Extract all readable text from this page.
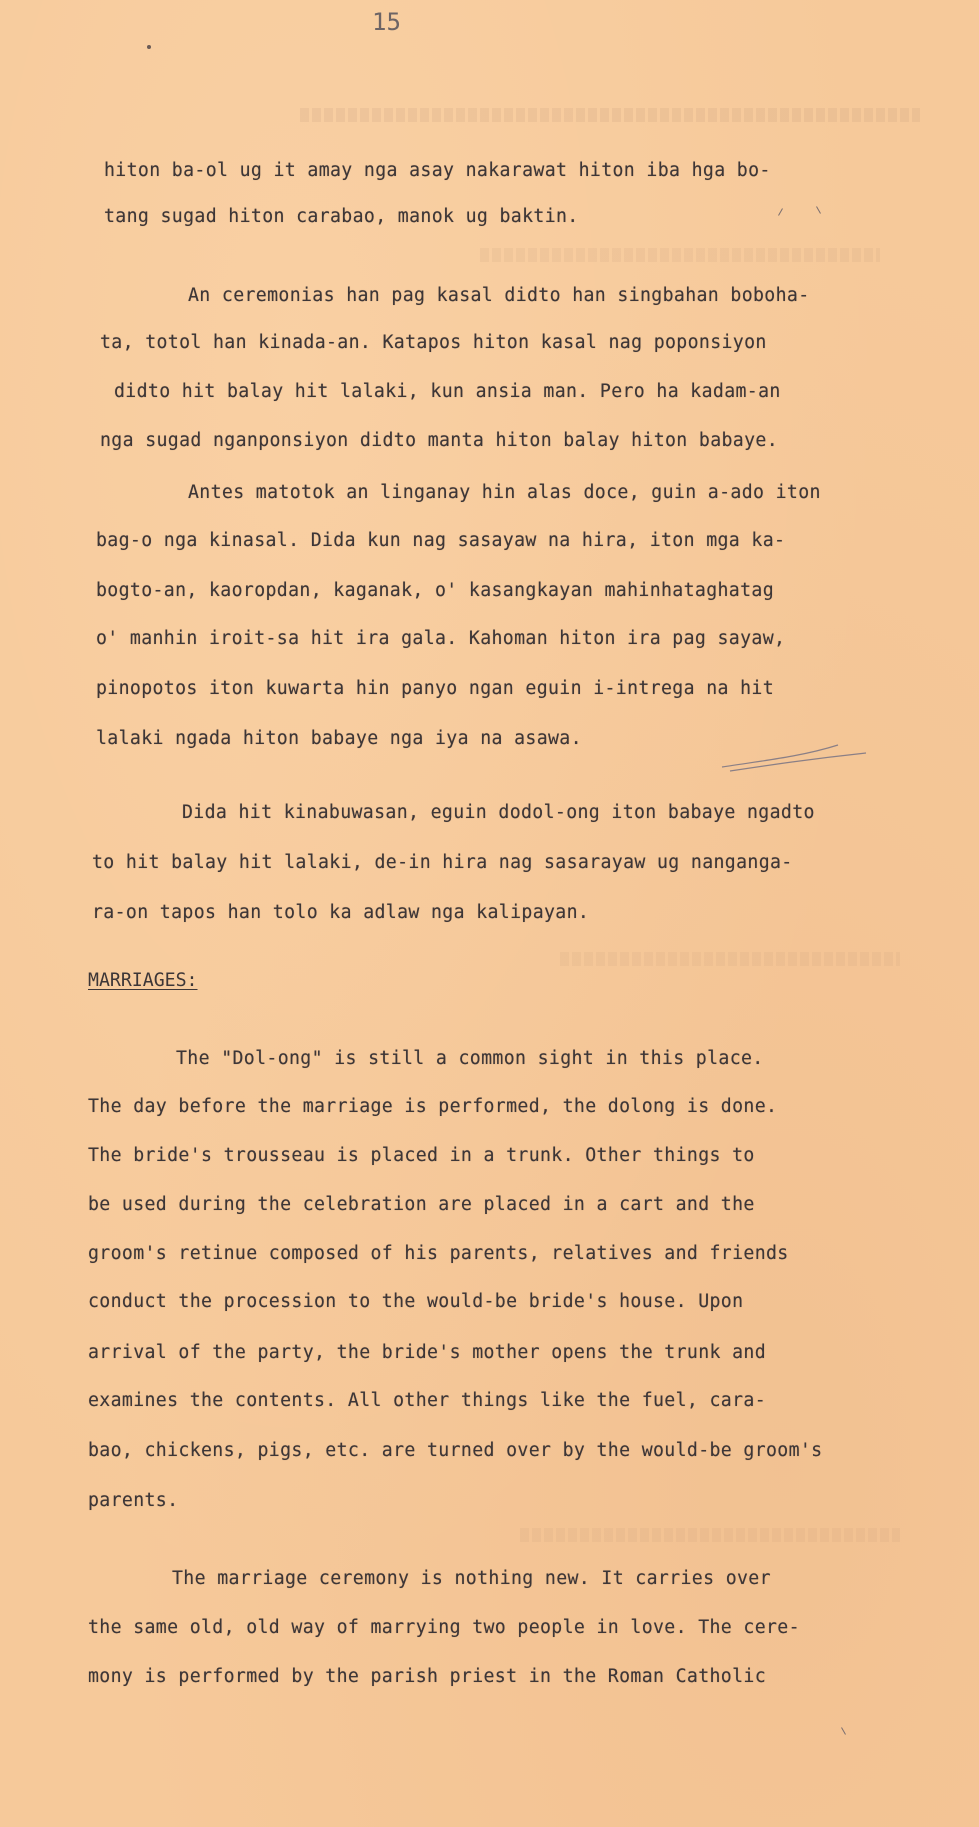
15
hiton ba-ol ug it amay nga asay nakarawat hiton iba hga bo-
tang sugad hiton carabao, manok ug baktin.
An ceremonias han pag kasal didto han singbahan boboha-
ta, totol han kinada-an. Katapos hiton kasal nag poponsiyon
didto hit balay hit lalaki, kun ansia man. Pero ha kadam-an
nga sugad nganponsiyon didto manta hiton balay hiton babaye.
Antes matotok an linganay hin alas doce, guin a-ado iton
bag-o nga kinasal. Dida kun nag sasayaw na hira, iton mga ka-
bogto-an, kaoropdan, kaganak, o' kasangkayan mahinhataghatag
o' manhin iroit-sa hit ira gala. Kahoman hiton ira pag sayaw,
pinopotos iton kuwarta hin panyo ngan eguin i-intrega na hit
lalaki ngada hiton babaye nga iya na asawa.
Dida hit kinabuwasan, eguin dodol-ong iton babaye ngadto
to hit balay hit lalaki, de-in hira nag sasarayaw ug nanganga-
ra-on tapos han tolo ka adlaw nga kalipayan.
MARRIAGES:
The "Dol-ong" is still a common sight in this place.
The day before the marriage is performed, the dolong is done.
The bride's trousseau is placed in a trunk. Other things to
be used during the celebration are placed in a cart and the
groom's retinue composed of his parents, relatives and friends
conduct the procession to the would-be bride's house. Upon
arrival of the party, the bride's mother opens the trunk and
examines the contents. All other things like the fuel, cara-
bao, chickens, pigs, etc. are turned over by the would-be groom's
parents.
The marriage ceremony is nothing new. It carries over
the same old, old way of marrying two people in love. The cere-
mony is performed by the parish priest in the Roman Catholic
